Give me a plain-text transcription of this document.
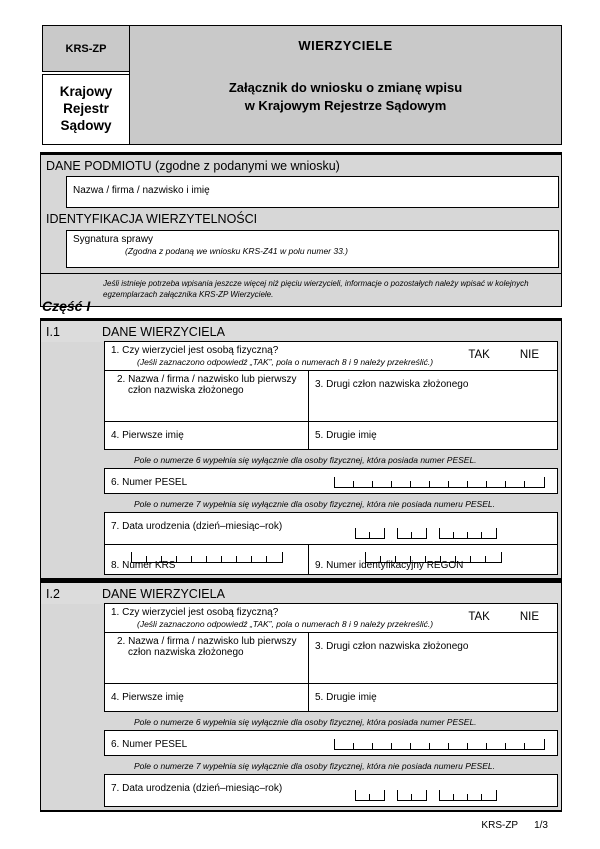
KRS-ZP
Krajowy Rejestr Sądowy
WIERZYCIELE
Załącznik do wniosku o zmianę wpisu
w Krajowym Rejestrze Sądowym
DANE PODMIOTU (zgodne z podanymi we wniosku)
Nazwa / firma / nazwisko i imię
IDENTYFIKACJA WIERZYTELNOŚCI
Sygnatura sprawy
(Zgodna z podaną we wniosku KRS-Z41 w polu numer 33.)
Jeśli istnieje potrzeba wpisania jeszcze więcej niż pięciu wierzycieli, informacje o pozostałych należy wpisać w kolejnych egzemplarzach załącznika KRS-ZP Wierzyciele.
Część I
I.1	DANE WIERZYCIELA
1. Czy wierzyciel jest osobą fizyczną?
(Jeśli zaznaczono odpowiedź „TAK”, pola o numerach 8 i 9 należy przekreślić.)
TAK	NIE
2. Nazwa / firma / nazwisko lub pierwszy człon nazwiska złożonego
3. Drugi człon nazwiska złożonego
4. Pierwsze imię	5. Drugie imię
Pole o numerze 6 wypełnia się wyłącznie dla osoby fizycznej, która posiada numer PESEL.
6. Numer PESEL
Pole o numerze 7 wypełnia się wyłącznie dla osoby fizycznej, która nie posiada numeru PESEL.
7. Data urodzenia (dzień–miesiąc–rok)
8. Numer KRS	9. Numer identyfikacyjny REGON
I.2	DANE WIERZYCIELA
1. Czy wierzyciel jest osobą fizyczną?
(Jeśli zaznaczono odpowiedź „TAK”, pola o numerach 8 i 9 należy przekreślić.)
TAK	NIE
2. Nazwa / firma / nazwisko lub pierwszy człon nazwiska złożonego
3. Drugi człon nazwiska złożonego
4. Pierwsze imię	5. Drugie imię
Pole o numerze 6 wypełnia się wyłącznie dla osoby fizycznej, która posiada numer PESEL.
6. Numer PESEL
Pole o numerze 7 wypełnia się wyłącznie dla osoby fizycznej, która nie posiada numeru PESEL.
7. Data urodzenia (dzień–miesiąc–rok)
KRS-ZP 1/3
